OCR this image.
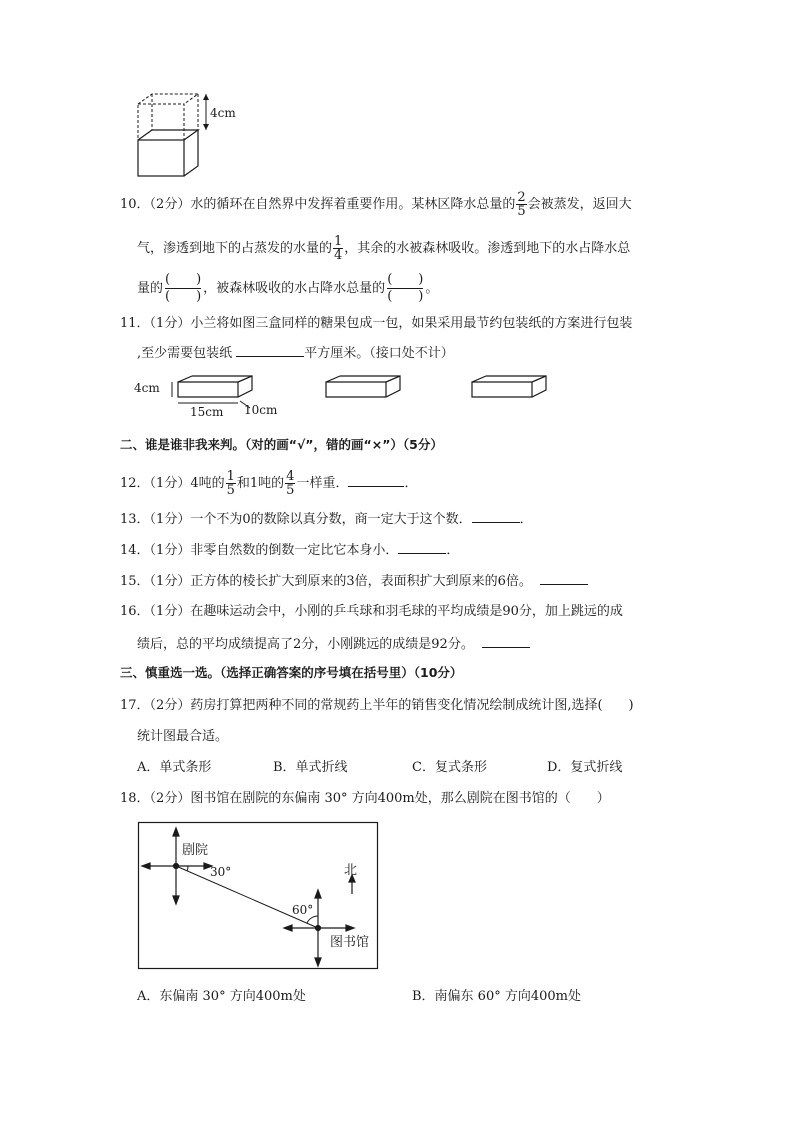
4cm
10．（2分）水的循环在自然界中发挥着重要作用。某林区降水总量的 $\frac{2}{5}$ 会被蒸发，返回大
气，渗透到地下的占蒸发的水量的 $\frac{1}{4}$ ，其余的水被森林吸收。渗透到地下的水占降水总
量的
(　　)
(　　)
，被森林吸收的水占降水总量的
(　　)
(　　)
。
11．（1分）小兰将如图三盒同样的糖果包成一包，如果采用最节约包装纸的方案进行包装
,至少需要包装纸	平方厘米。（接口处不计）
4cm
15cm 10cm
二、谁是谁非我来判。（对的画“√”，错的画“×”）（5分）
12．（1分）4吨的 $\frac{1}{5}$ 和1吨的 $\frac{4}{5}$ 一样重．	．
13．（1分）一个不为0的数除以真分数，商一定大于这个数．	．
14．（1分）非零自然数的倒数一定比它本身小．	．
15．（1分）正方体的棱长扩大到原来的3倍，表面积扩大到原来的6倍。
16．（1分）在趣味运动会中，小刚的乒乓球和羽毛球的平均成绩是90分，加上跳远的成
绩后，总的平均成绩提高了2分，小刚跳远的成绩是92分。
三、慎重选一选。（选择正确答案的序号填在括号里）（10分）
17．（2分）药房打算把两种不同的常规药上半年的销售变化情况绘制成统计图,选择(　　)
统计图最合适。
A．单式条形	B．单式折线	C．复式条形	D．复式折线
18．（2分）图书馆在剧院的东偏南 30° 方向400m处，那么剧院在图书馆的（　　）
剧院
30°	北
60°
图书馆
A．东偏南 30° 方向400m处	B．南偏东 60° 方向400m处
